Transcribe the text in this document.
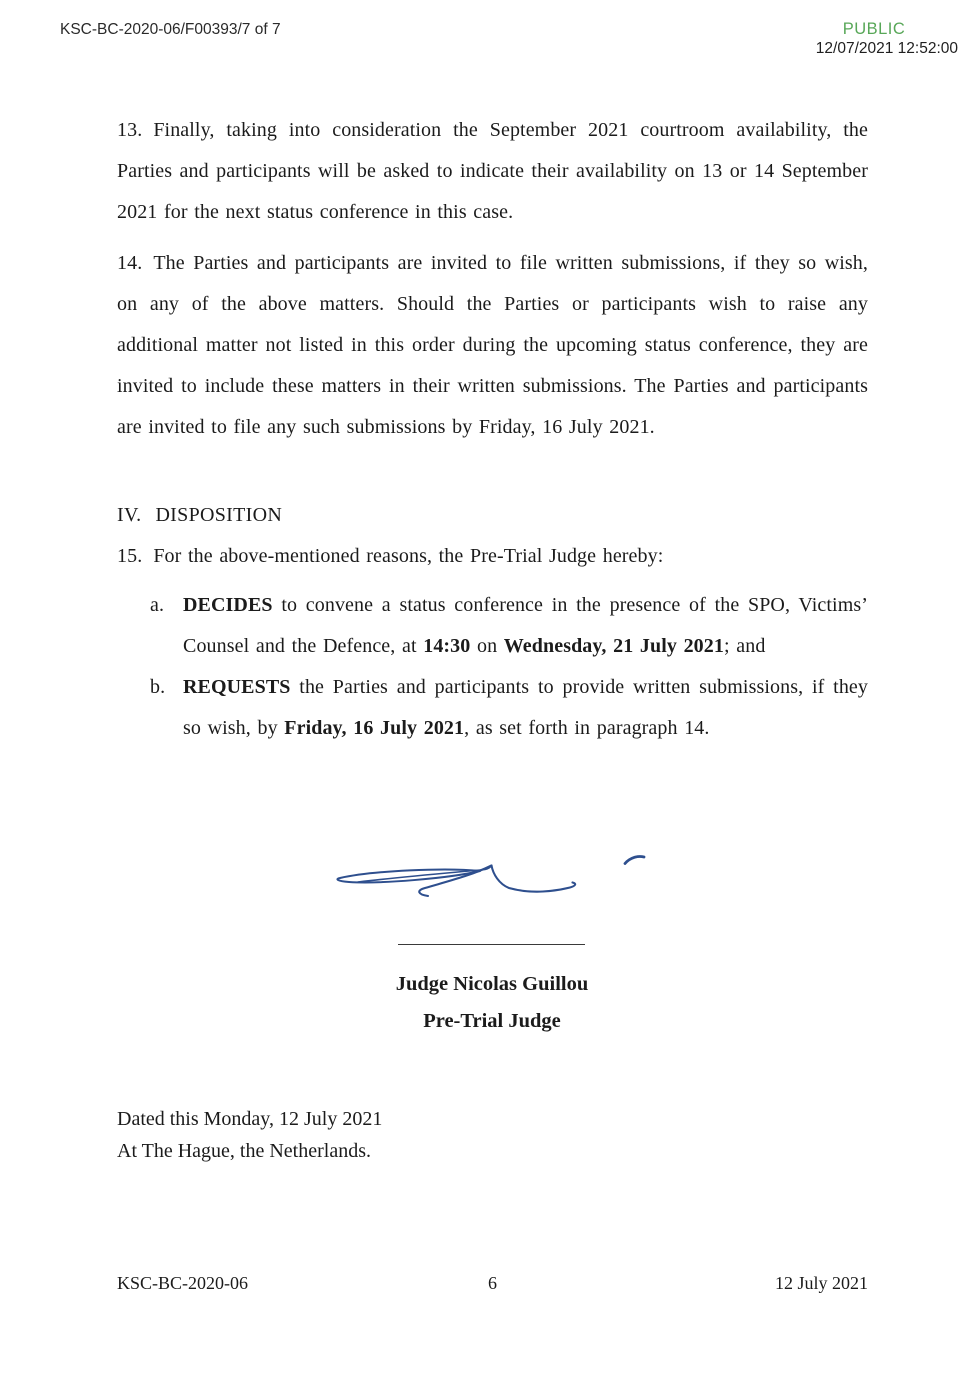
KSC-BC-2020-06/F00393/7 of 7	PUBLIC
12/07/2021 12:52:00
13. Finally, taking into consideration the September 2021 courtroom availability, the Parties and participants will be asked to indicate their availability on 13 or 14 September 2021 for the next status conference in this case.
14. The Parties and participants are invited to file written submissions, if they so wish, on any of the above matters. Should the Parties or participants wish to raise any additional matter not listed in this order during the upcoming status conference, they are invited to include these matters in their written submissions. The Parties and participants are invited to file any such submissions by Friday, 16 July 2021.
IV. DISPOSITION
15. For the above-mentioned reasons, the Pre-Trial Judge hereby:
a. DECIDES to convene a status conference in the presence of the SPO, Victims’ Counsel and the Defence, at 14:30 on Wednesday, 21 July 2021; and
b. REQUESTS the Parties and participants to provide written submissions, if they so wish, by Friday, 16 July 2021, as set forth in paragraph 14.
Judge Nicolas Guillou
Pre-Trial Judge
Dated this Monday, 12 July 2021
At The Hague, the Netherlands.
KSC-BC-2020-06	6	12 July 2021
